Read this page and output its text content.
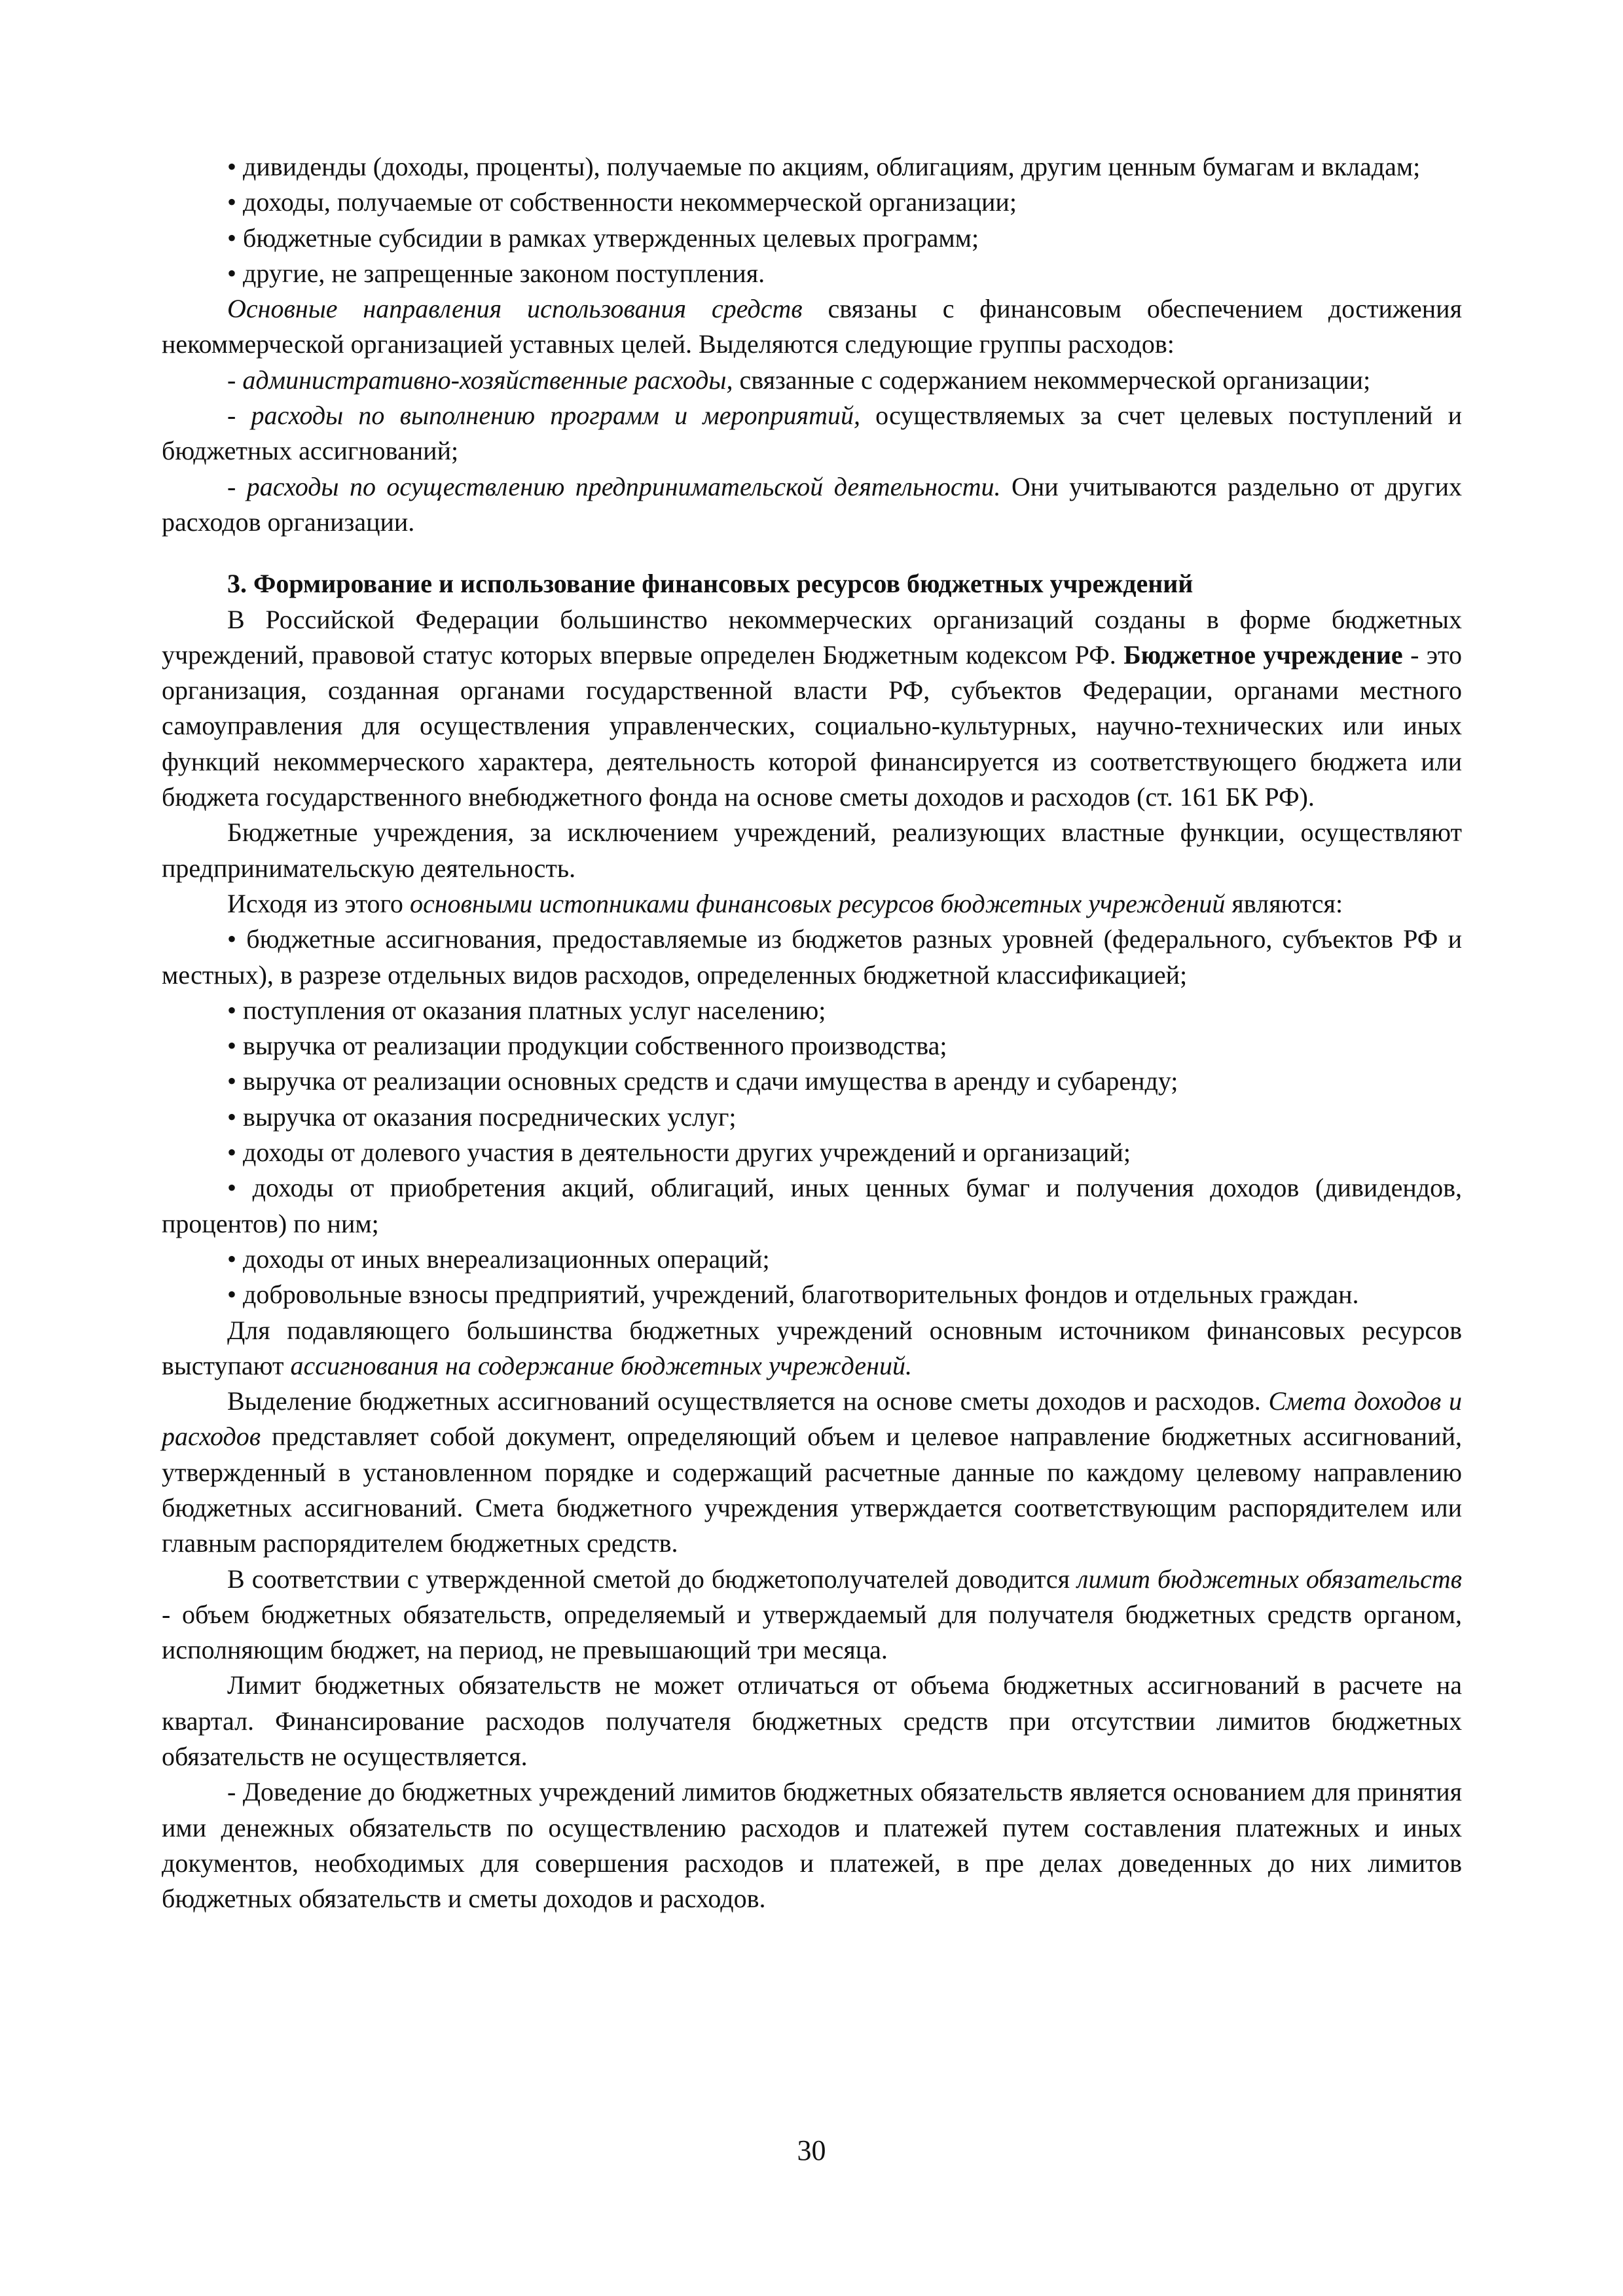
• дивиденды (доходы, проценты), получаемые по акциям, облигациям, другим ценным бумагам и вкладам;

• доходы, получаемые от собственности некоммерческой организации;

• бюджетные субсидии в рамках утвержденных целевых программ;

• другие, не запрещенные законом поступления.

Основные направления использования средств связаны с финансовым обеспечением достижения некоммерческой организацией уставных целей. Выделяются следующие группы расходов:

- административно-хозяйственные расходы, связанные с содержанием некоммерческой организации;

- расходы по выполнению программ и мероприятий, осуществляемых за счет целевых поступлений и бюджетных ассигнований;

- расходы по осуществлению предпринимательской деятельности. Они учитываются раздельно от других расходов организации.

3. Формирование и использование финансовых ресурсов бюджетных учреждений

В Российской Федерации большинство некоммерческих организаций созданы в форме бюджетных учреждений, правовой статус которых впервые определен Бюджетным кодексом РФ. Бюджетное учреждение - это организация, созданная органами государственной власти РФ, субъектов Федерации, органами местного самоуправления для осуществления управленческих, социально-культурных, научно-технических или иных функций некоммерческого характера, деятельность которой финансируется из соответствующего бюджета или бюджета государственного внебюджетного фонда на основе сметы доходов и расходов (ст. 161 БК РФ).

Бюджетные учреждения, за исключением учреждений, реализующих властные функции, осуществляют предпринимательскую деятельность.

Исходя из этого основными истопниками финансовых ресурсов бюджетных учреждений являются:

• бюджетные ассигнования, предоставляемые из бюджетов разных уровней (федерального, субъектов РФ и местных), в разрезе отдельных видов расходов, определенных бюджетной классификацией;

• поступления от оказания платных услуг населению;

• выручка от реализации продукции собственного производства;

• выручка от реализации основных средств и сдачи имущества в аренду и субаренду;

• выручка от оказания посреднических услуг;

• доходы от долевого участия в деятельности других учреждений и организаций;

• доходы от приобретения акций, облигаций, иных ценных бумаг и получения доходов (дивидендов, процентов) по ним;

• доходы от иных внереализационных операций;

• добровольные взносы предприятий, учреждений, благотворительных фондов и отдельных граждан.

Для подавляющего большинства бюджетных учреждений основным источником финансовых ресурсов выступают ассигнования на содержание бюджетных учреждений.

Выделение бюджетных ассигнований осуществляется на основе сметы доходов и расходов. Смета доходов и расходов представляет собой документ, определяющий объем и целевое направление бюджетных ассигнований, утвержденный в установленном порядке и содержащий расчетные данные по каждому целевому направлению бюджетных ассигнований. Смета бюджетного учреждения утверждается соответствующим распорядителем или главным распорядителем бюджетных средств.

В соответствии с утвержденной сметой до бюджетополучателей доводится лимит бюджетных обязательств - объем бюджетных обязательств, определяемый и утверждаемый для получателя бюджетных средств органом, исполняющим бюджет, на период, не превышающий три месяца.

Лимит бюджетных обязательств не может отличаться от объема бюджетных ассигнований в расчете на квартал. Финансирование расходов получателя бюджетных средств при отсутствии лимитов бюджетных обязательств не осуществляется.

- Доведение до бюджетных учреждений лимитов бюджетных обязательств является основанием для принятия ими денежных обязательств по осуществлению расходов и платежей путем составления платежных и иных документов, необходимых для совершения расходов и платежей, в пре делах доведенных до них лимитов бюджетных обязательств и сметы доходов и расходов.

30
